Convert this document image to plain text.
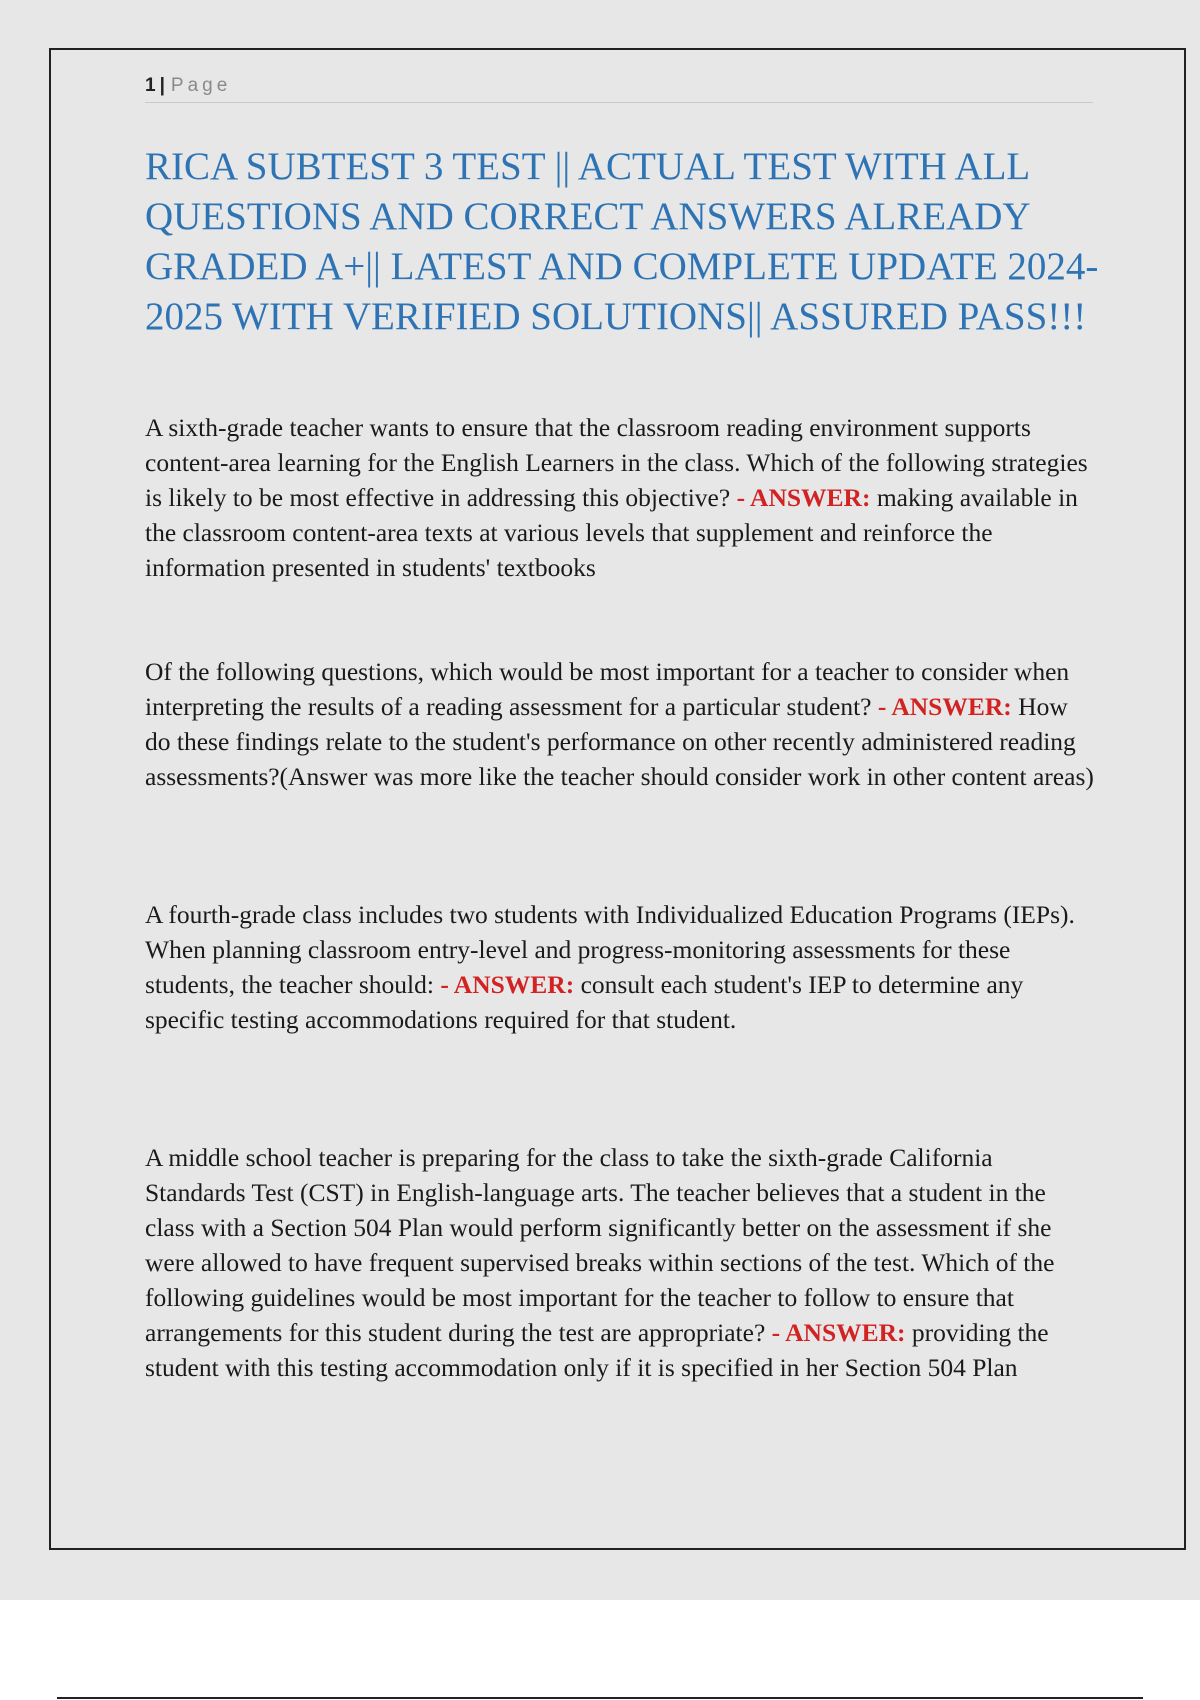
1 | Page
RICA SUBTEST 3 TEST || ACTUAL TEST WITH ALL QUESTIONS AND CORRECT ANSWERS ALREADY GRADED A+|| LATEST AND COMPLETE UPDATE 2024-2025 WITH VERIFIED SOLUTIONS|| ASSURED PASS!!!

A sixth-grade teacher wants to ensure that the classroom reading environment supports content-area learning for the English Learners in the class. Which of the following strategies is likely to be most effective in addressing this objective? - ANSWER: making available in the classroom content-area texts at various levels that supplement and reinforce the information presented in students' textbooks

Of the following questions, which would be most important for a teacher to consider when interpreting the results of a reading assessment for a particular student? - ANSWER: How do these findings relate to the student's performance on other recently administered reading assessments?(Answer was more like the teacher should consider work in other content areas)

A fourth-grade class includes two students with Individualized Education Programs (IEPs). When planning classroom entry-level and progress-monitoring assessments for these students, the teacher should: - ANSWER: consult each student's IEP to determine any specific testing accommodations required for that student.

A middle school teacher is preparing for the class to take the sixth-grade California Standards Test (CST) in English-language arts. The teacher believes that a student in the class with a Section 504 Plan would perform significantly better on the assessment if she were allowed to have frequent supervised breaks within sections of the test. Which of the following guidelines would be most important for the teacher to follow to ensure that arrangements for this student during the test are appropriate? - ANSWER: providing the student with this testing accommodation only if it is specified in her Section 504 Plan
